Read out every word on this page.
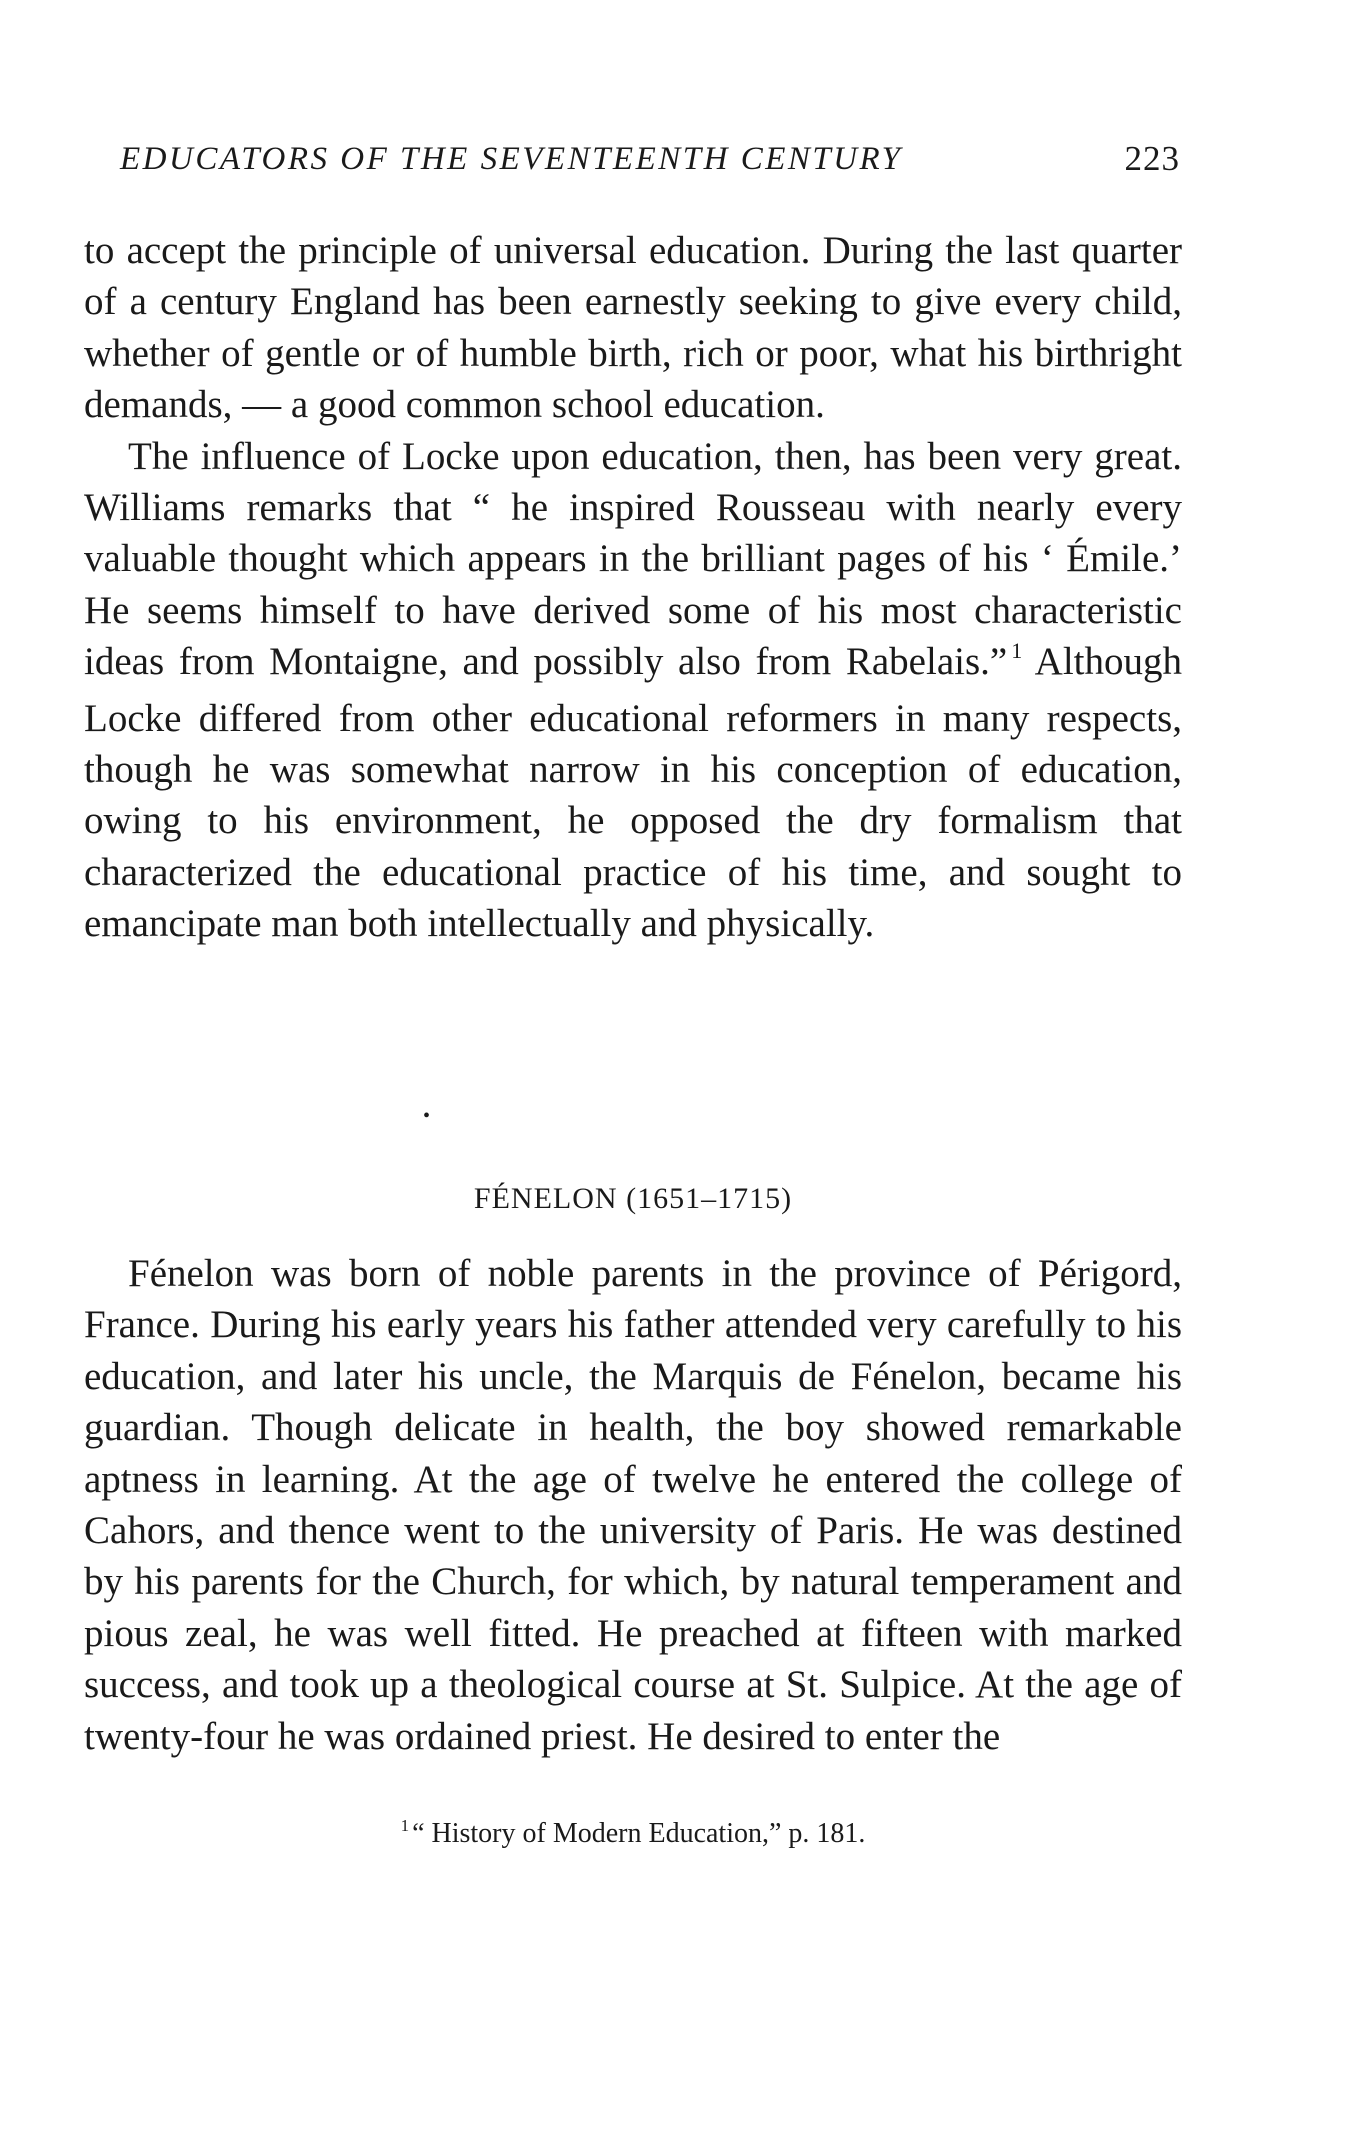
EDUCATORS OF THE SEVENTEENTH CENTURY	223

to accept the principle of universal education. During the last quarter of a century England has been earnestly seeking to give every child, whether of gentle or of humble birth, rich or poor, what his birthright demands, — a good common school education.

The influence of Locke upon education, then, has been very great. Williams remarks that “ he inspired Rousseau with nearly every valuable thought which appears in the brilliant pages of his ‘ Émile.’ He seems himself to have derived some of his most characteristic ideas from Montaigne, and possibly also from Rabelais.” $^1$ Although Locke differed from other educational reformers in many respects, though he was somewhat narrow in his conception of education, owing to his environment, he opposed the dry formalism that characterized the educational practice of his time, and sought to emancipate man both intellectually and physically.

•
FÉNELON (1651–1715)

Fénelon was born of noble parents in the province of Périgord, France. During his early years his father attended very carefully to his education, and later his uncle, the Marquis de Fénelon, became his guardian. Though delicate in health, the boy showed remarkable aptness in learning. At the age of twelve he entered the college of Cahors, and thence went to the university of Paris. He was destined by his parents for the Church, for which, by natural temperament and pious zeal, he was well fitted. He preached at fifteen with marked success, and took up a theological course at St. Sulpice. At the age of twenty-four he was ordained priest. He desired to enter the

$^1$ “ History of Modern Education,” p. 181.
